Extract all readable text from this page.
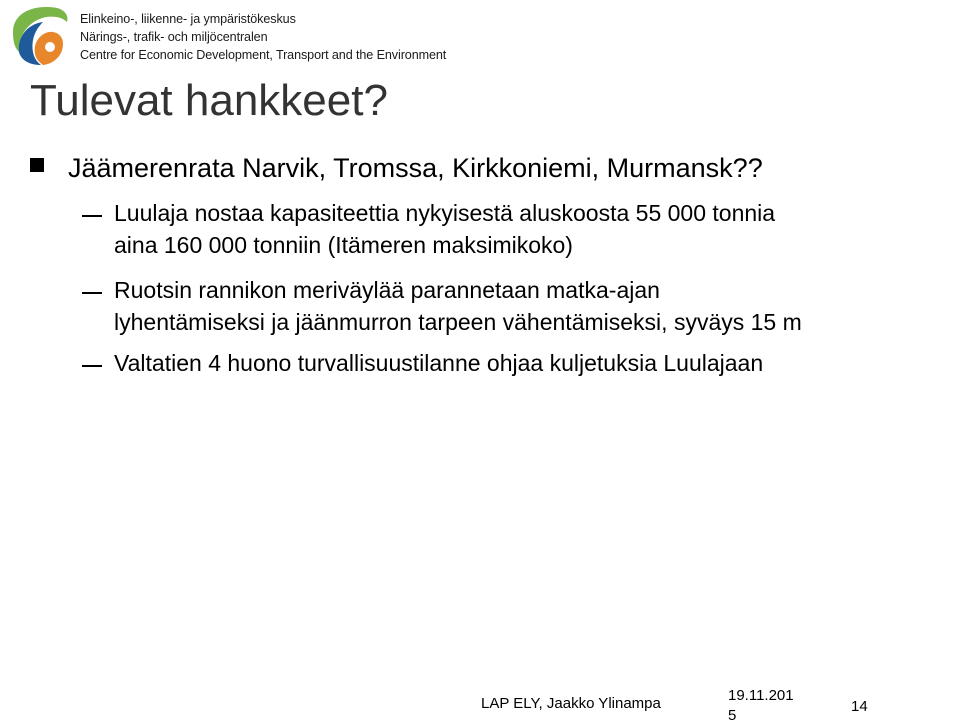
Elinkeino-, liikenne- ja ympäristökeskus
Närings-, trafik- och miljöcentralen
Centre for Economic Development, Transport and the Environment
Tulevat hankkeet?
Jäämerenrata Narvik, Tromssa, Kirkkoniemi, Murmansk??
Luulaja nostaa kapasiteettia nykyisestä aluskoosta 55 000 tonnia
aina 160 000 tonniin (Itämeren maksimikoko)
Ruotsin rannikon meriväylää parannetaan matka-ajan
lyhentämiseksi ja jäänmurron tarpeen vähentämiseksi, syväys 15 m
Valtatien 4 huono turvallisuustilanne ohjaa kuljetuksia Luulajaan
LAP ELY, Jaakko Ylinampa	19.11.2015
14
